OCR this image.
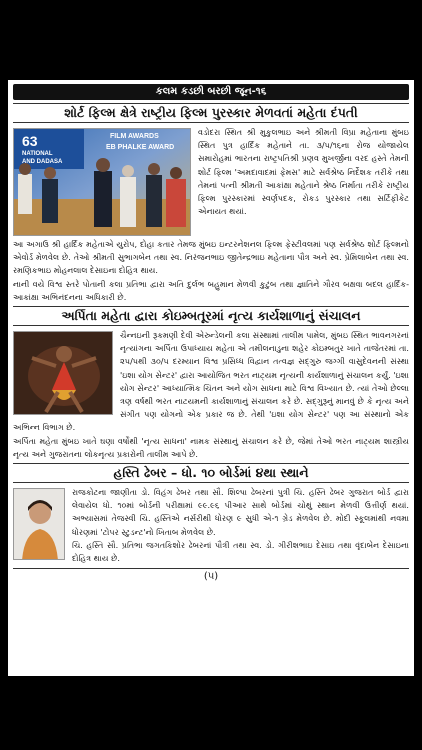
કલમ કડછી બરછી જૂન-૧૬
શોર્ટ ફિલ્મ ક્ષેત્રે રાષ્ટ્રીય ફિલ્મ પુરસ્કાર મેળવતાં મહેતા દંપતી
63
NATIONAL
AND DADASA
FILM AWARDS
EB PHALKE AWARD

વડોદરા સ્થિત શ્રી મુકુલભાઇ અને શ્રીમતી વિપ્રા મહેતાના મુંબઇ સ્થિત પુત્ર હાર્દિક મહેતાને તા. ૩/૫/૧૬ના રોજ યોજાયેલ સમારોહમાં ભારતના રાષ્ટ્રપતિશ્રી પ્રણવ મુખર્જીના વરદ હસ્તે તેમની શોર્ટ ફિલ્મ 'અમદાવાદમાં ફેમસ' માટે સર્વશ્રેષ્ઠ નિર્દેશક તરીકે તથા તેમનાં પત્ની શ્રીમતી આકાંક્ષા મહેતાને શ્રેષ્ઠ નિર્માતા તરીકે રાષ્ટ્રીય ફિલ્મ પુરસ્કારમાં સ્વર્ણપદક, રોકડ પુરસ્કાર તથા સર્ટિફીકેટ એનાયત થયાં.

આ અગાઉ શ્રી હાર્દિક મહેતાએ યુરોપ, દોહા કતાર તેમજ મુંબઇ ઇન્ટરનેશનલ ફિલ્મ ફેસ્ટીવલમાં પણ સર્વશ્રેષ્ઠ શોર્ટ ફિલ્મનો એવોર્ડ મેળવેલ છે. તેઓ શ્રીમતી સુભાગબેન તથા સ્વ. નિરંજનભાઇ જીતેન્દ્રભાઇ મહેતાના પૌત્ર અને સ્વ. પ્રેમિલાબેન તથા સ્વ. રમણિકભાઇ મોહનલાલ દેસાઇના દોહિત્ર થાય.

નાની વયે વિશ્વ સ્તરે પોતાની કલા પ્રતિભા દ્વારા અતિ દુર્લભ બહુમાન મેળવી કુટુંબ તથા જ્ઞાતિને ગૌરવ બક્ષવા બદલ હાર્દિક-આકાંક્ષા અભિનંદનના અધિકારી છે.

અર્પિતા મહેતા દ્વારા કોઇમ્બતૂરમાં નૃત્ય કાર્યશાળાનું સંચાલન

ચૈન્નઇની રૂકમણી દેવી એરુન્ડેલની કલા સંસ્થામાં તાલીમ પામેલ, મુંબઇ સ્થિત ભાવનગરનાં નૃત્યાંગના અર્પિતા ઉપાધ્યાય મહેતા એ તમીલનાડુના શહેર કોઇમ્બતુર ખાતે તાજેતરમાં તા. ૨૫/૫થી ૩૦/૫ દરમ્યાન વિશ્વ પ્રસિધ્ધ વિદ્વાન તત્વજ્ઞ સદ્ગુરુ જગ્ગી વાસુદેવનની સંસ્થા 'ઇશા યોગ સેન્ટર' દ્વારા આયોજિત ભરત નાટ્યમ નૃત્યની કાર્યશાળાનું સંચાલન કર્યું. 'ઇશા યોગ સેન્ટર' આધ્યાત્મિક ચિંતન અને યોગ સાધના માટે વિશ્વ વિખ્યાત છે. ત્યાં તેઓ છેલ્લા ત્રણ વર્ષથી ભરત નાટયમની કાર્યશાળાનું સંચાલન કરે છે. સદ્ગુરૂનું માનવું છે કે નૃત્ય અને સંગીત પણ યોગનો એક પ્રકાર જ છે. તેથી 'ઇશા યોગ સેન્ટર' પણ આ સંસ્થાનો એક અભિન્ન વિભાગ છે.

અર્પિતા મહેતા મુંબઇ ખાતે ઘણા વર્ષોથી 'નૃત્ય સાધના' નામક સંસ્થાનું સંચાલન કરે છે, જેમાં તેઓ ભરત નાટ્યમ શાસ્ત્રીય નૃત્ય અને ગુજરાતના લોકનૃત્ય પ્રકારોની તાલીમ આપે છે.

હસ્તિ ઢેબર – ધો. ૧૦ બોર્ડમાં ૪થા સ્થાને

રાજકોટના જાણીતા ડો. વિહંગ ઢેબર તથા સૌ. શિલ્પા ઢેબરનાં પુત્રી ચિ. હસ્તિ ઢેબર ગુજરાત બોર્ડ દ્વારા લેવાયેલ ધો. ૧૦માં બોર્ડની પરીક્ષામાં ૯૯.૯૬ પીઆર સાથે બોર્ડમાં ચોથું સ્થાન મેળવી ઉત્તીર્ણ થયાં. અભ્યાસમાં તેજસ્વી ચિ. હસ્તિએ નર્સરીથી ધોરણ ૯ સુધી એ-૧ ગ્રેડ મેળવેલ છે. મોદી સ્કૂલમાંથી નવમા ધોરણમાં 'ટોપર સ્ટુડન્ટ'નો ખિતાબ મેળવેલ છે.

ચિ. હસ્તિ સૌ. પ્રતિભા જગતકિશોર ઢેબરનાં પૌત્રી તથા સ્વ. ડો. ગીરીશભાઇ દેસાઇ તથા વૃંદાબેન દેસાઇના દોહિત્ર થાય છે.

(૫)
